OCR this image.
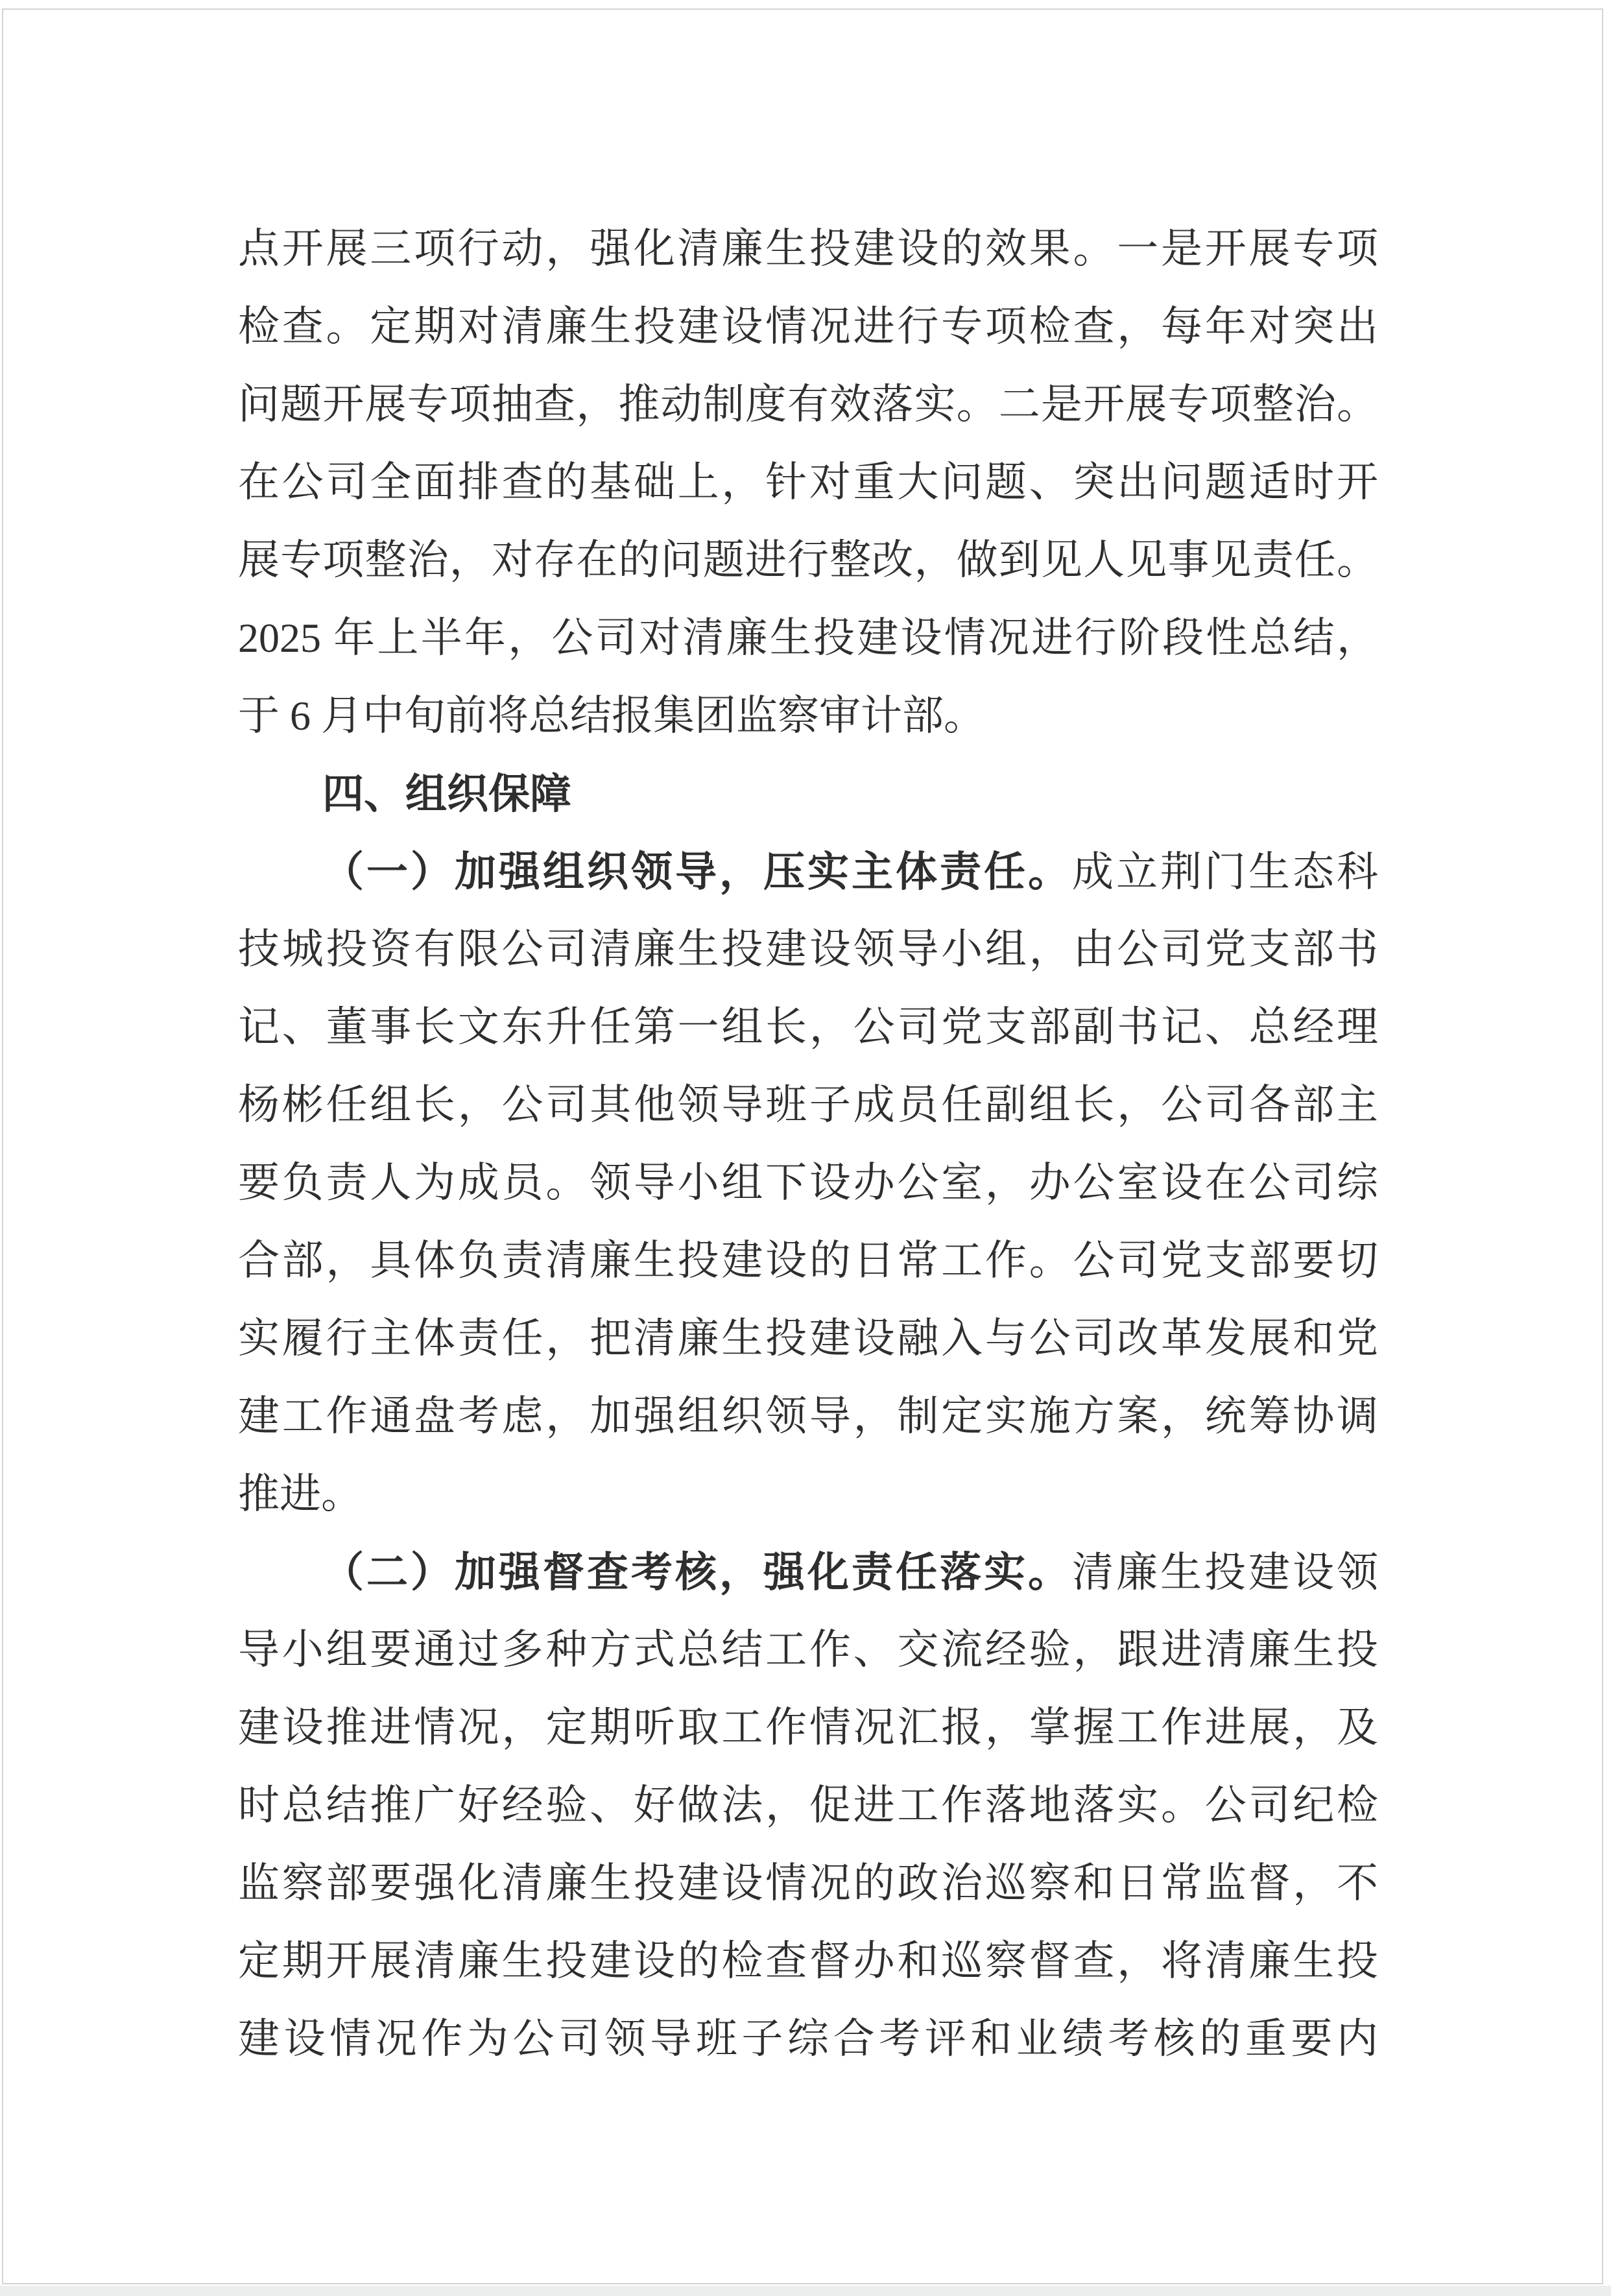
点开展三项行动，强化清廉生投建设的效果。一是开展专项
检查。定期对清廉生投建设情况进行专项检查，每年对突出
问题开展专项抽查，推动制度有效落实。二是开展专项整治。
在公司全面排查的基础上，针对重大问题、突出问题适时开
展专项整治，对存在的问题进行整改，做到见人见事见责任。
2025 年上半年，公司对清廉生投建设情况进行阶段性总结，
于 6 月中旬前将总结报集团监察审计部。
四、组织保障
（一）加强组织领导，压实主体责任。成立荆门生态科
技城投资有限公司清廉生投建设领导小组，由公司党支部书
记、董事长文东升任第一组长，公司党支部副书记、总经理
杨彬任组长，公司其他领导班子成员任副组长，公司各部主
要负责人为成员。领导小组下设办公室，办公室设在公司综
合部，具体负责清廉生投建设的日常工作。公司党支部要切
实履行主体责任，把清廉生投建设融入与公司改革发展和党
建工作通盘考虑，加强组织领导，制定实施方案，统筹协调
推进。
（二）加强督查考核，强化责任落实。清廉生投建设领
导小组要通过多种方式总结工作、交流经验，跟进清廉生投
建设推进情况，定期听取工作情况汇报，掌握工作进展，及
时总结推广好经验、好做法，促进工作落地落实。公司纪检
监察部要强化清廉生投建设情况的政治巡察和日常监督，不
定期开展清廉生投建设的检查督办和巡察督查，将清廉生投
建设情况作为公司领导班子综合考评和业绩考核的重要内
